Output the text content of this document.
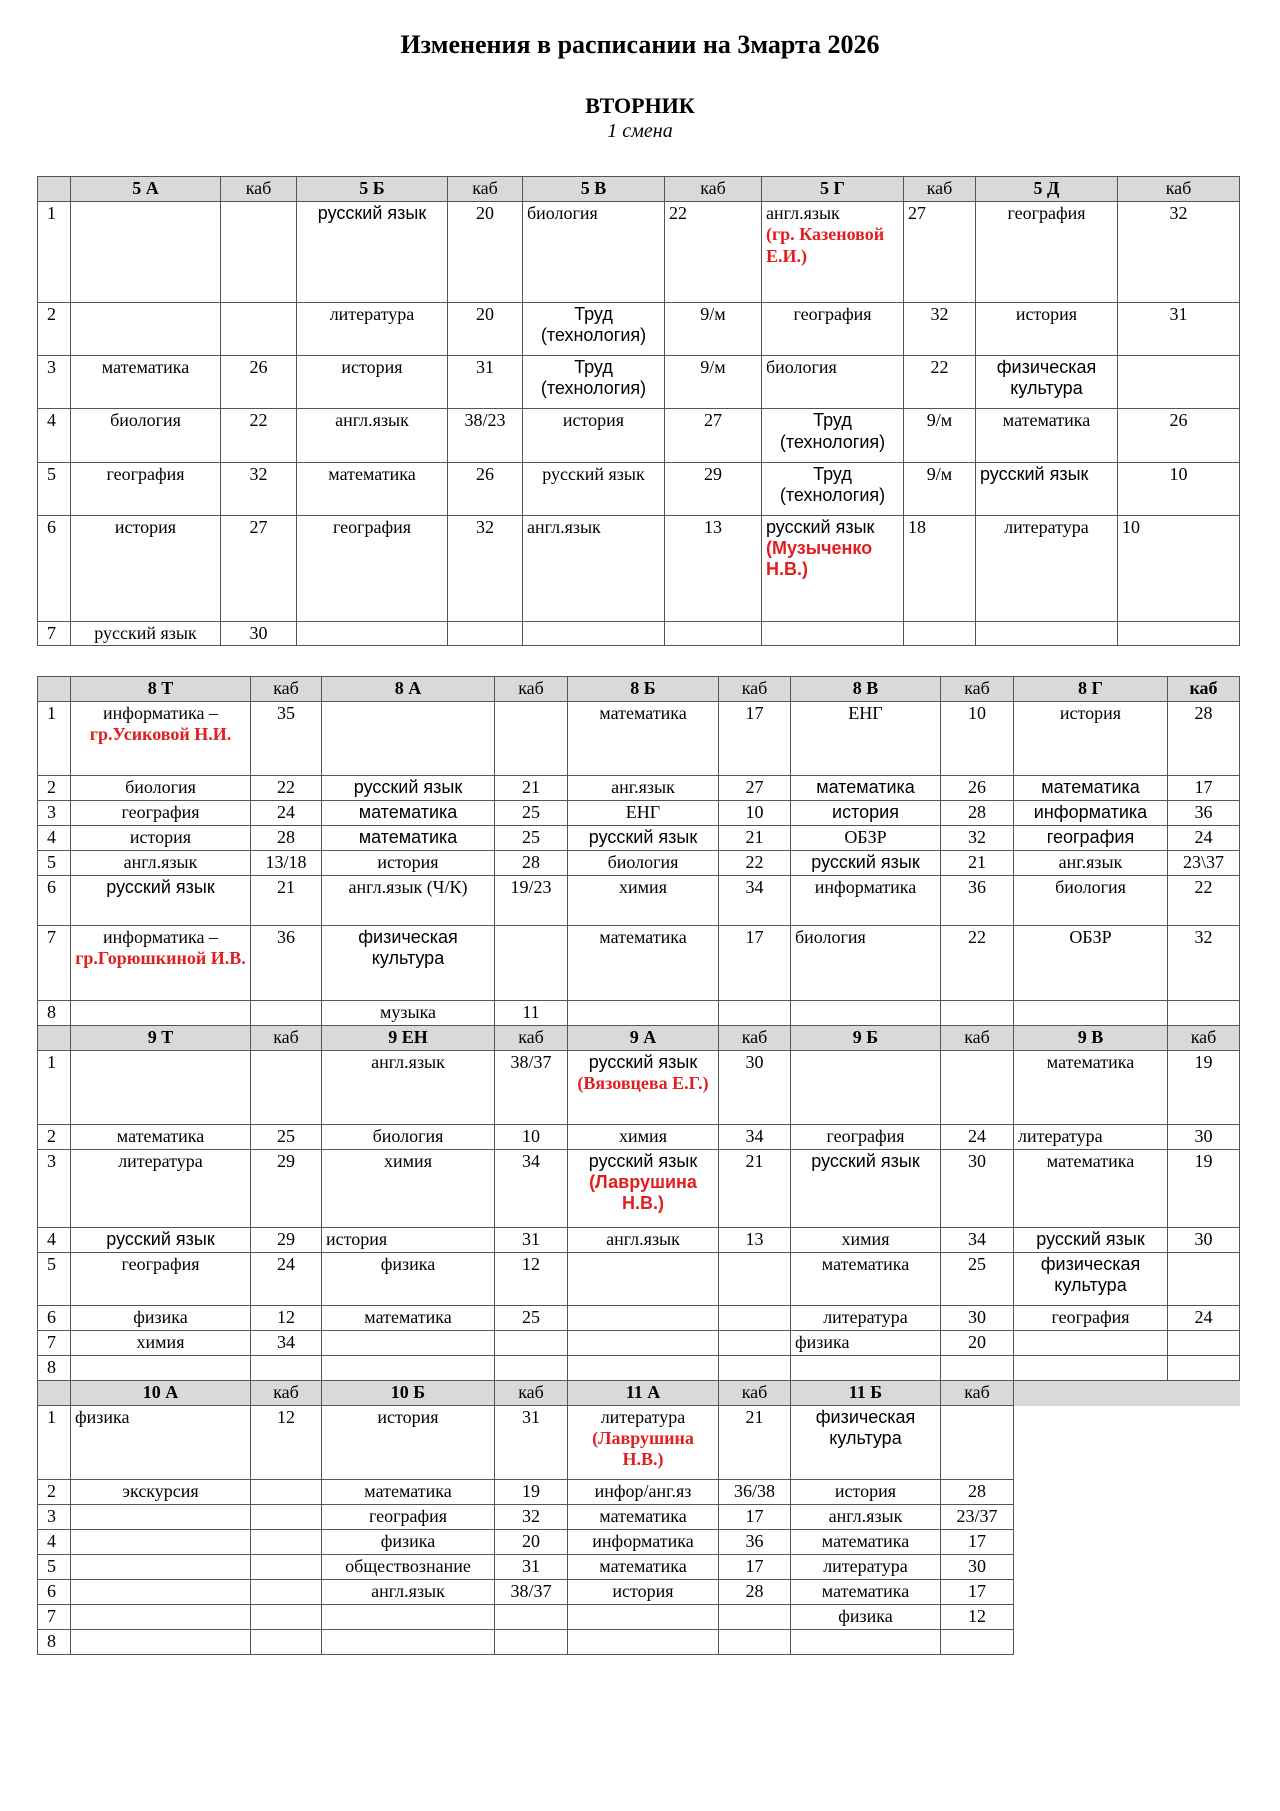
Изменения в расписании на 3марта 2026
ВТОРНИК
1 смена
	5 А	каб	5 Б	каб	5 В	каб	5 Г	каб	5 Д	каб
1			русский язык	20	биология	22	англ.язык
(гр. Казеновой Е.И.)	27	география	32
2			литература	20	Труд (технология)	9/м	география	32	история	31
3	математика	26	история	31	Труд (технология)	9/м	биология	22	физическая культура	
4	биология	22	англ.язык	38/23	история	27	Труд (технология)	9/м	математика	26
5	география	32	математика	26	русский язык	29	Труд (технология)	9/м	русский язык	10
6	история	27	география	32	англ.язык	13	русский язык
(Музыченко Н.В.)	18	литература	10
7	русский язык	30								
	8 Т	каб	8 А	каб	8 Б	каб	8 В	каб	8 Г	каб
1	информатика –
гр.Усиковой Н.И.	35			математика	17	ЕНГ	10	история	28
2	биология	22	русский язык	21	анг.язык	27	математика	26	математика	17
3	география	24	математика	25	ЕНГ	10	история	28	информатика	36
4	история	28	математика	25	русский язык	21	ОБЗР	32	география	24
5	англ.язык	13/18	история	28	биология	22	русский язык	21	анг.язык	23\37
6	русский язык	21	англ.язык (Ч/К)	19/23	химия	34	информатика	36	биология	22
7	информатика –
гр.Горюшкиной И.В.	36	физическая культура		математика	17	биология	22	ОБЗР	32
8			музыка	11						
	9 Т	каб	9 ЕН	каб	9 А	каб	9 Б	каб	9 В	каб
1			англ.язык	38/37	русский язык
(Вязовцева Е.Г.)	30			математика	19
2	математика	25	биология	10	химия	34	география	24	литература	30
3	литература	29	химия	34	русский язык
(Лаврушина Н.В.)	21	русский язык	30	математика	19
4	русский язык	29	история	31	англ.язык	13	химия	34	русский язык	30
5	география	24	физика	12			математика	25	физическая культура	
6	физика	12	математика	25			литература	30	география	24
7	химия	34					физика	20		
8										
	10 А	каб	10 Б	каб	11 А	каб	11 Б	каб		
1	физика	12	история	31	литература
(Лаврушина Н.В.)	21	физическая культура			
2	экскурсия		математика	19	инфор/анг.яз	36/38	история	28		
3			география	32	математика	17	англ.язык	23/37		
4			физика	20	информатика	36	математика	17		
5			обществознание	31	математика	17	литература	30		
6			англ.язык	38/37	история	28	математика	17		
7							физика	12		
8										
